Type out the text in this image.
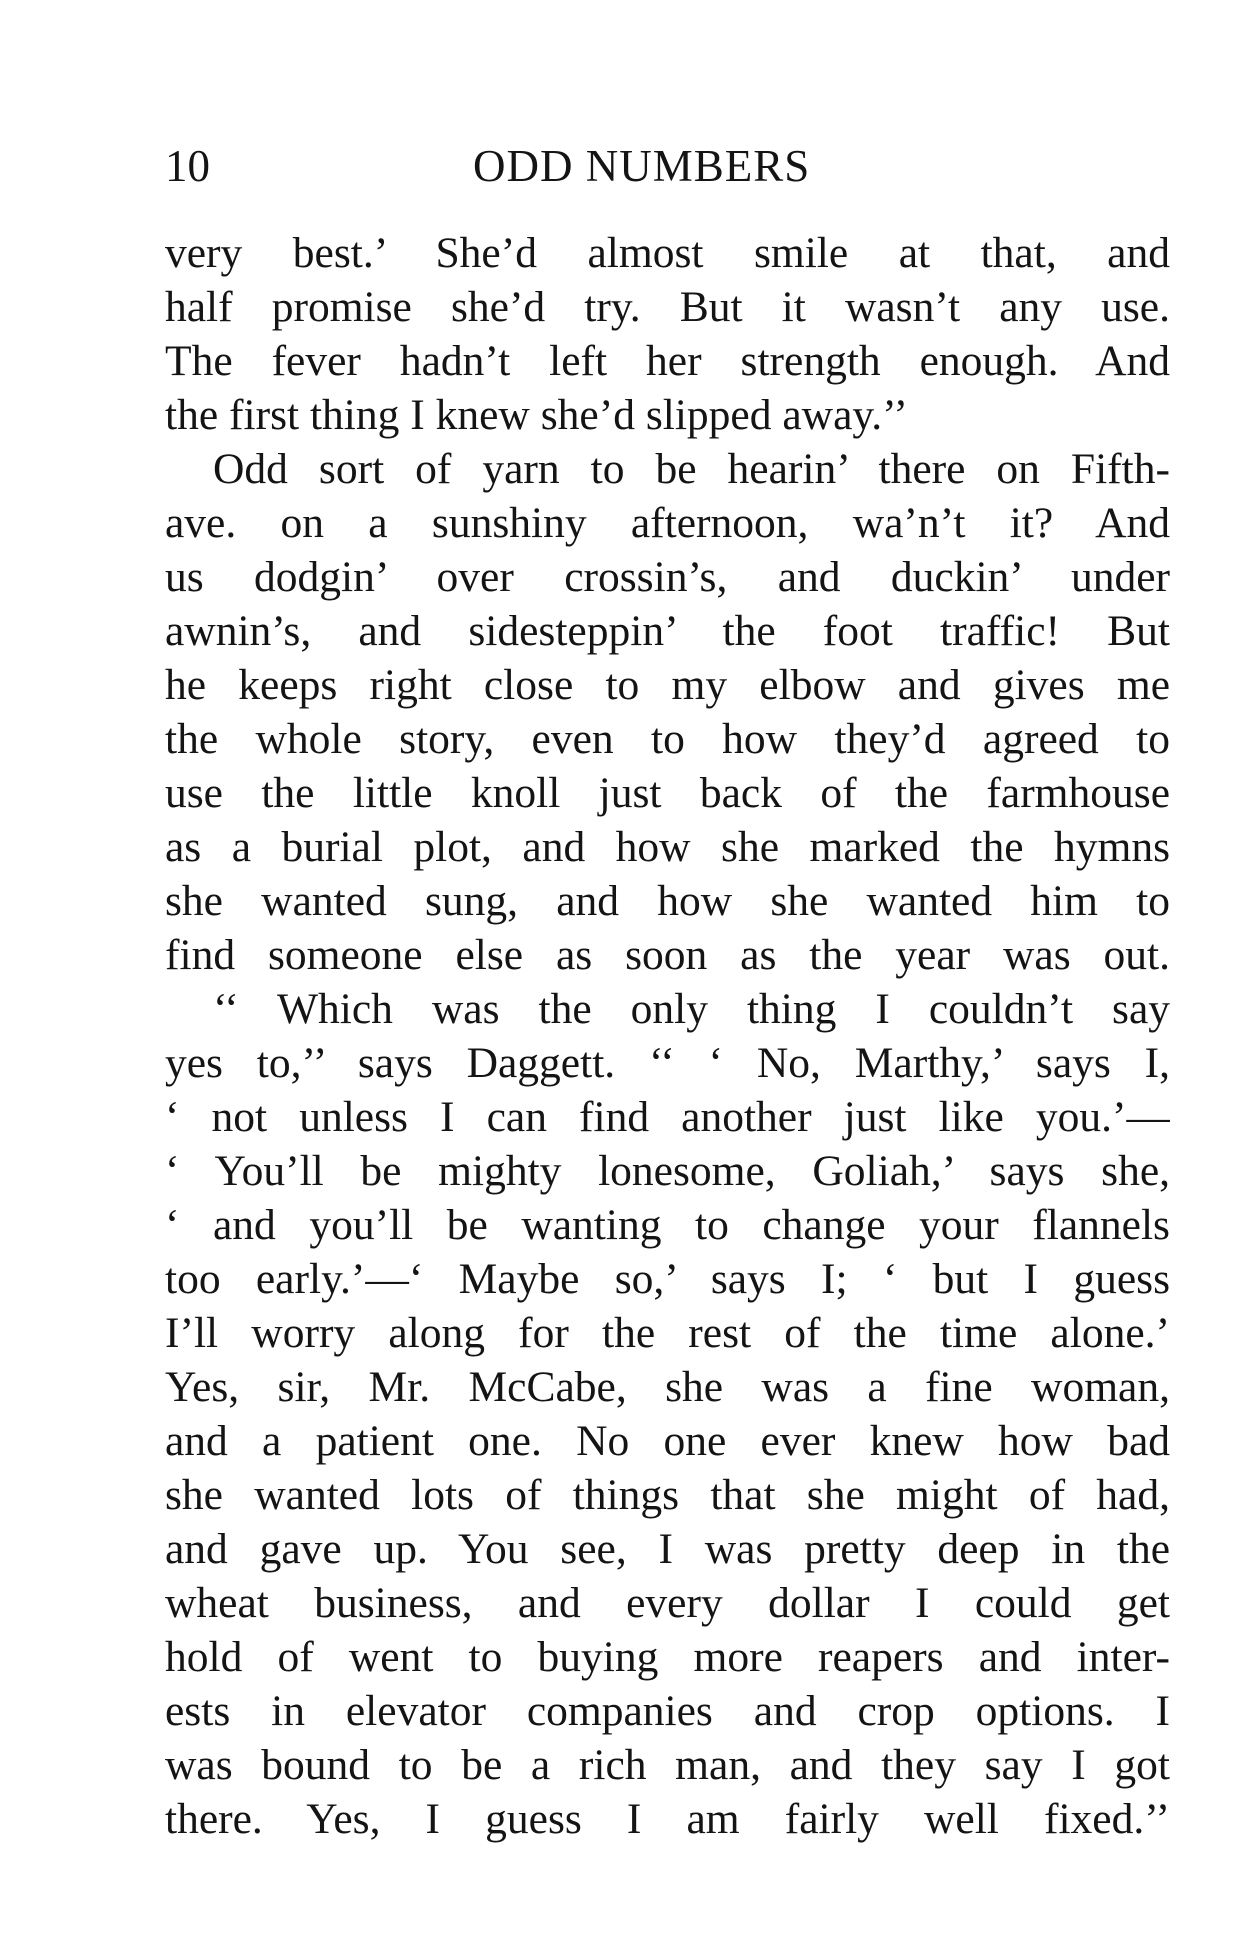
10	ODD NUMBERS
very best.’ She’d almost smile at that, and
half promise she’d try. But it wasn’t any use.
The fever hadn’t left her strength enough. And
the first thing I knew she’d slipped away.’’
Odd sort of yarn to be hearin’ there on Fifth-
ave. on a sunshiny afternoon, wa’n’t it? And
us dodgin’ over crossin’s, and duckin’ under
awnin’s, and sidesteppin’ the foot traffic! But
he keeps right close to my elbow and gives me
the whole story, even to how they’d agreed to
use the little knoll just back of the farmhouse
as a burial plot, and how she marked the hymns
she wanted sung, and how she wanted him to
find someone else as soon as the year was out.
‘‘ Which was the only thing I couldn’t say
yes to,’’ says Daggett. ‘‘ ‘ No, Marthy,’ says I,
‘ not unless I can find another just like you.’—
‘ You’ll be mighty lonesome, Goliah,’ says she,
‘ and you’ll be wanting to change your flannels
too early.’—‘ Maybe so,’ says I; ‘ but I guess
I’ll worry along for the rest of the time alone.’
Yes, sir, Mr. McCabe, she was a fine woman,
and a patient one. No one ever knew how bad
she wanted lots of things that she might of had,
and gave up. You see, I was pretty deep in the
wheat business, and every dollar I could get
hold of went to buying more reapers and inter-
ests in elevator companies and crop options. I
was bound to be a rich man, and they say I got
there. Yes, I guess I am fairly well fixed.’’
